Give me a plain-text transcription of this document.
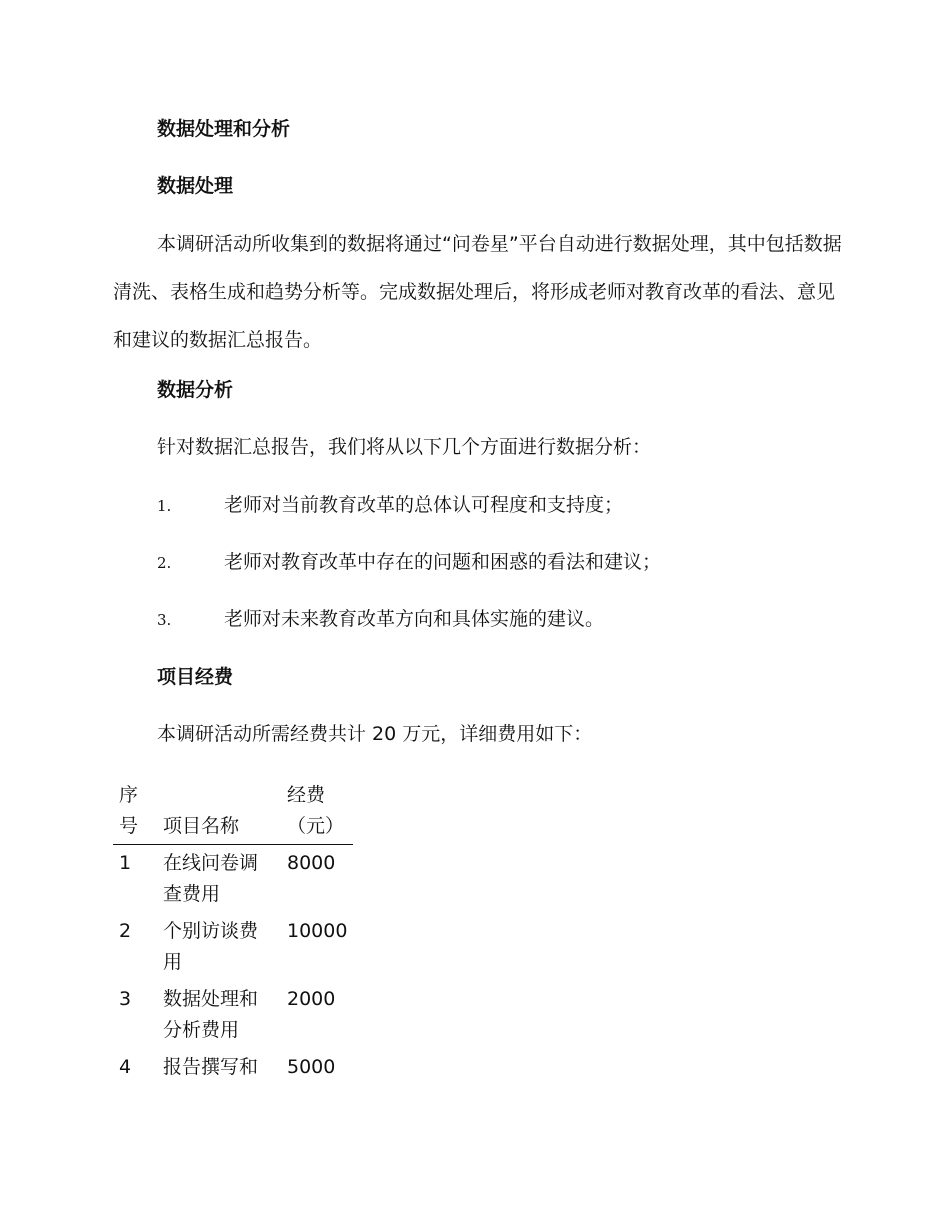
数据处理和分析
数据处理

本调研活动所收集到的数据将通过“问卷星”平台自动进行数据处理，其中包括数据清洗、表格生成和趋势分析等。完成数据处理后，将形成老师对教育改革的看法、意见和建议的数据汇总报告。

数据分析

针对数据汇总报告，我们将从以下几个方面进行数据分析：

1.	老师对当前教育改革的总体认可程度和支持度；

2.	老师对教育改革中存在的问题和困惑的看法和建议；

3.	老师对未来教育改革方向和具体实施的建议。

项目经费

本调研活动所需经费共计 20 万元，详细费用如下：

序号	项目名称	经费（元）
1	在线问卷调查费用	8000
2	个别访谈费用	10000
3	数据处理和分析费用	2000
4	报告撰写和	5000
